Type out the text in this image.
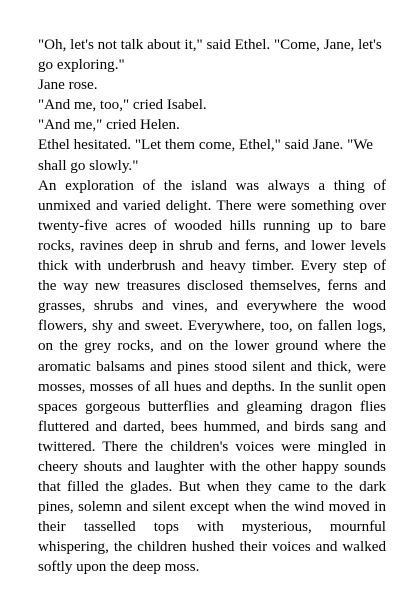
"Oh, let's not talk about it," said Ethel. "Come, Jane, let's go exploring."

Jane rose.

"And me, too," cried Isabel.

"And me," cried Helen.

Ethel hesitated. "Let them come, Ethel," said Jane. "We shall go slowly."

An exploration of the island was always a thing of unmixed and varied delight. There were something over twenty-five acres of wooded hills running up to bare rocks, ravines deep in shrub and ferns, and lower levels thick with underbrush and heavy timber. Every step of the way new treasures disclosed themselves, ferns and grasses, shrubs and vines, and everywhere the wood flowers, shy and sweet. Everywhere, too, on fallen logs, on the grey rocks, and on the lower ground where the aromatic balsams and pines stood silent and thick, were mosses, mosses of all hues and depths. In the sunlit open spaces gorgeous butterflies and gleaming dragon flies fluttered and darted, bees hummed, and birds sang and twittered. There the children's voices were mingled in cheery shouts and laughter with the other happy sounds that filled the glades. But when they came to the dark pines, solemn and silent except when the wind moved in their tasselled tops with mysterious, mournful whispering, the children hushed their voices and walked softly upon the deep moss.
